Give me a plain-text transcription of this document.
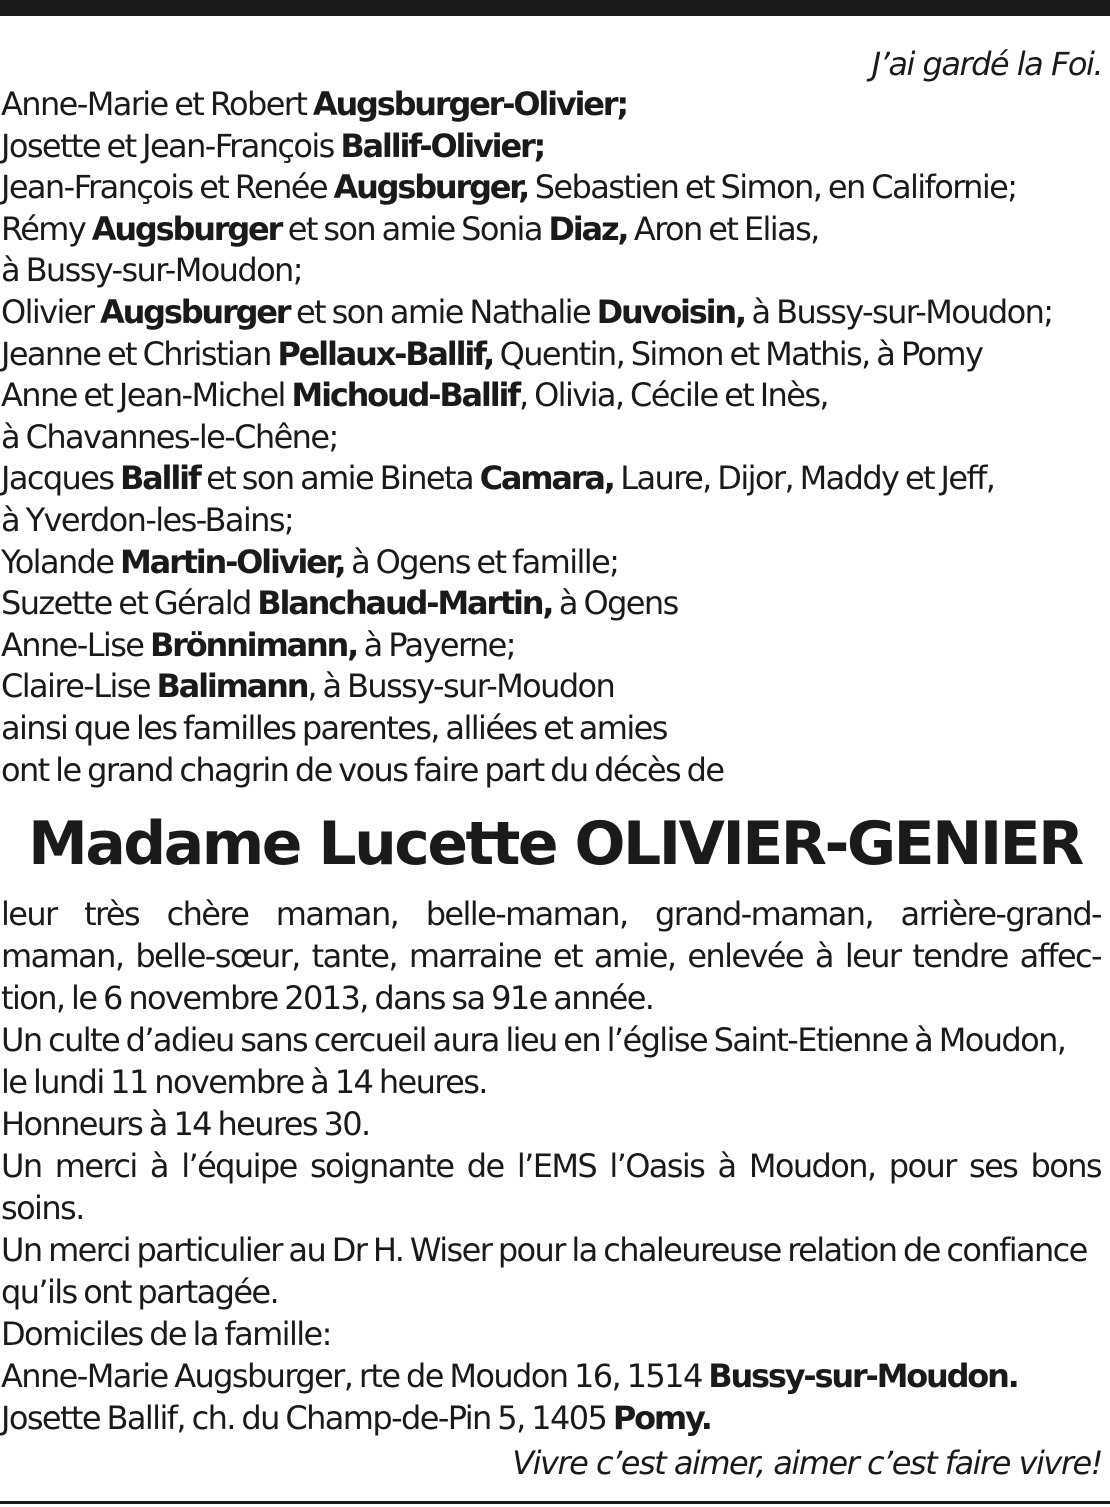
J’ai gardé la Foi.
Anne-Marie et Robert Augsburger-Olivier;
Josette et Jean-François Ballif-Olivier;
Jean-François et Renée Augsburger, Sebastien et Simon, en Californie;
Rémy Augsburger et son amie Sonia Diaz, Aron et Elias,
à Bussy-sur-Moudon;
Olivier Augsburger et son amie Nathalie Duvoisin, à Bussy-sur-Moudon;
Jeanne et Christian Pellaux-Ballif, Quentin, Simon et Mathis, à Pomy
Anne et Jean-Michel Michoud-Ballif, Olivia, Cécile et Inès,
à Chavannes-le-Chêne;
Jacques Ballif et son amie Bineta Camara, Laure, Dijor, Maddy et Jeff,
à Yverdon-les-Bains;
Yolande Martin-Olivier, à Ogens et famille;
Suzette et Gérald Blanchaud-Martin, à Ogens
Anne-Lise Brönnimann, à Payerne;
Claire-Lise Balimann, à Bussy-sur-Moudon
ainsi que les familles parentes, alliées et amies
ont le grand chagrin de vous faire part du décès de
Madame Lucette OLIVIER-GENIER
leur très chère maman, belle-maman, grand-maman, arrière-grand-
maman, belle-sœur, tante, marraine et amie, enlevée à leur tendre affec-
tion, le 6 novembre 2013, dans sa 91e année.
Un culte d’adieu sans cercueil aura lieu en l’église Saint-Etienne à Moudon,
le lundi 11 novembre à 14 heures.
Honneurs à 14 heures 30.
Un merci à l’équipe soignante de l’EMS l’Oasis à Moudon, pour ses bons
soins.
Un merci particulier au Dr H. Wiser pour la chaleureuse relation de confiance
qu’ils ont partagée.
Domiciles de la famille:
Anne-Marie Augsburger, rte de Moudon 16, 1514 Bussy-sur-Moudon.
Josette Ballif, ch. du Champ-de-Pin 5, 1405 Pomy.
Vivre c’est aimer, aimer c’est faire vivre!
